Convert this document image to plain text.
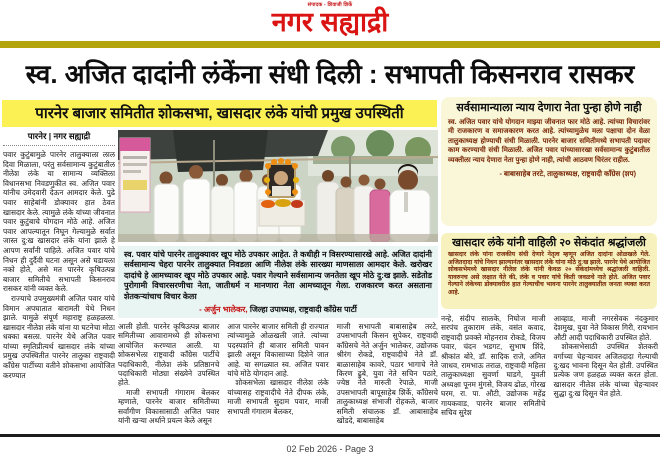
संपादक - शिवाजी शिर्के
नगर सह्याद्री
स्व. अजित दादांनी लंकेंना संधी दिली : सभापती किसनराव रासकर
पारनेर बाजार समितीत शोकसभा, खासदार लंके यांची प्रमुख उपस्थिती
पारनेर | नगर सह्याद्री
पवार कुटुंबामुळे पारनेर तालुक्याला लाल दिवा मिळाला, परंतु सर्वसामान्य कुटुंबातील नीलेश लंके या सामान्य व्यक्तिला विधानसभा निवडणुकीत स्व. अजित पवार यांनीच उमेदवारी देऊन आमदार केले. पुढे पवार साहेबांनी डोक्यावर हात ठेवत खासदार केले. त्यामुळे लंके यांच्या जीवनात पवार कुटुंबाचे योगदान मोठे आहे. अजित पवार आपल्यातून निघून गेल्यामुळे सर्वात जास्त दु:ख खासदार लंके यांना झाले हे आपण सर्वांनी पाहिले. अजित पवार यांचे निधन ही दुर्दैवी घटना असून असे घडायला नको होते, असे मत पारनेर कृषिउत्पन्न बाजार समितीचे सभापती किसनराव रासकर यांनी व्यक्त केले.
राज्याचे उपमुख्यमंत्री अजित पवार यांचे विमान अपघातात बारामती येथे निधन झाले. यामुळे संपूर्ण महाराष्ट्र हळहळला. खासदार नीलेश लंके यांना या घटनेचा मोठा धक्का बसला. पारनेर येथे अजित पवार यांच्या स्मृतिप्रीत्यर्थ खासदार लंके यांच्या प्रमुख उपस्थितीत पारनेर तालुका राष्ट्रवादी काँग्रेस पार्टीच्या वतीने शोकसभा आयोजित करण्यात
स्व. पवार यांचे पारनेर तालुक्यावर खूप मोठे उपकार आहेत. ते कधीही न विसरण्यासारखे आहे. अजित दादांनी सर्वसामान्य चेहरा पारनेर तालुक्यात निवडला आणि नीलेश लंके सारख्या माणसाला आमदार केले. खरोखर दादांचे हे आमच्यावर खूप मोठे उपकार आहे. पवार गेल्याने सर्वसामान्य जनतेला खूप मोठे दु:ख झाले. सडेतोड पुरोगामी विचारसरणीचा नेता, जातीधर्म न मानणारा नेता आमच्यातून गेला. राजकारण करत असताना शेतकऱ्यांचाच विचार केला
- अर्जुन भालेकर, जिल्हा उपाध्यक्ष, राष्ट्रवादी काँग्रेस पार्टी
सर्वसामान्याला न्याय देणारा नेता पुन्हा होणे नाही
स्व. अजित पवार यांचे योगदान माझ्या जीवनात फार मोठे आहे. त्यांच्या विचारांवर मी राजकारण व समाजकारण करत आहे. त्यांच्यामुळेच मला पक्षाचा दोन वेळा तालुकाध्यक्ष होण्याची संधी मिळाली. पारनेर बाजार समितीमध्ये सभापती पदावर काम करण्याची संधी मिळाली. अजित पवार यांच्यासारखा सर्वसामान्य कुटुंबातील व्यक्तीला न्याय देणारा नेता पुन्हा होणे नाही, त्यांची आठवण चिरंतर राहील.
- बाबासाहेब तरटे, तालुकाध्यक्ष, राष्ट्रवादी काँग्रेस (शप)
खासदार लंके यांनी वाहिली २० सेकंदांत श्रद्धांजली
खासदार लंके यांना राजकीय संधी देणारे नेतृत्व म्हणून अजित दादांना ओळखले गेले. अजितदादा यांचे निधन झाल्यानंतर खासदार लंके यांना मोठे दु:ख झाले. पारनेर येथे आयोजित शोकसभेमध्ये खासदार नीलेश लंके यांनी केवळ २० सेकंदांमध्येच श्रद्धांजली वाहिली. यावरुनच असे लक्षात येते की, लंके व पवार यांचे किती जवळचे नाते होते. अजित पवार गेल्याने लंकेच्या डोक्यावरील हात गेल्याचीच भावना पारनेर तालुक्यातील जनता व्यक्त करत आहे.
आली होती. पारनेर कृषिउत्पन्न बाजार समितीच्या आवारामध्ये ही शोकसभा आयोजित करण्यात आली. या शोकसभेला राष्ट्रवादी काँग्रेस पार्टीचे पदाधिकारी, नीलेश लंके प्रतिष्ठानचे पदाधिकारी मोठ्या संख्येने उपस्थित होते.
माजी सभापती गंगाराम बेलकर म्हणाले, पारनेर बाजार समितीच्या सर्वांगीण विकासासाठी अजित पवार यांनी खऱ्या अर्थाने प्रयत्न केले असून
आज पारनेर बाजार समिती ही राज्यात त्यांच्यामुळे ओळखली जाते. त्यांच्या पदस्पर्शाने ही बाजार समिती पावन झाली असून विकासाच्या दिशेने जात आहे. या सगळ्यात स्व. अजित पवार यांचे मोठे योगदान आहे.
शोकसभेला खासदार नीलेश लंके यांच्यासह राष्ट्रवादीचे नेते दीपक लंके, माजी सभापती सुदाम पवार, माजी सभापती गंगाराम बेलकर,
माजी सभापती बाबासाहेब तरटे, उपसभापती किसन सुपेकर, राष्ट्रवादी काँग्रेसचे नेते अर्जुन भालेकर, उद्योजक श्रीरंग रोकडे, राष्ट्रवादीचे नेते डॉ. बाळासाहेब कावरे, पठार भागाचे नेते किरण ढुबे, युवा नेते सचिन पठारे, ज्येष्ठ नेते मारुती रेपाळे, माजी उपसभापती बापूसाहेब शिर्के, काँग्रेसचे तालुकाध्यक्ष संभाजी रोहकले, बाजार समिती संचालक डॉ. आबासाहेब खोडदे, बाबासाहेब
नन्हे, संदीप सालके, निघोज माजी सरपंच तुकाराम लंके, वसंत कवाद, राष्ट्रवादी प्रवक्ते मोहनराव रोकडे, विजय पवार, चंदन भडगट, सुभाष शिंदे, श्रीकांत बोरे, डॉ. सादिक राजे, अमित जाधव, रामभाऊ तराळ, राष्ट्रवादी महिला तालुकाध्यक्षा सुवर्णा घाडगे, युवती अध्यक्षा पूनम मुंगसे, विजय ढोळ, गोरख घरम, रा. पा. औटी, उद्योजक महेंद्र गायकवाड, पारनेर बाजार समितीचे सचिव सुरेश
आव्हाड, माजी नगरसेवक नंदकुमार देशमुख, युवा नेते विकास गिरी, रायभान औटी आदी पदाधिकारी उपस्थित होते.
शोकसभेसाठी उपस्थित शेतकरी वर्गाच्या चेहऱ्यावर अजितदादा गेल्याची दु:खद भावना दिसून येत होती. उपस्थित प्रत्येक जण हळहळ व्यक्त करत होता. खासदार नीलेश लंके यांच्या चेहऱ्यावर सुद्धा दु:ख दिसून येत होते.
02 Feb 2026 - Page 3
